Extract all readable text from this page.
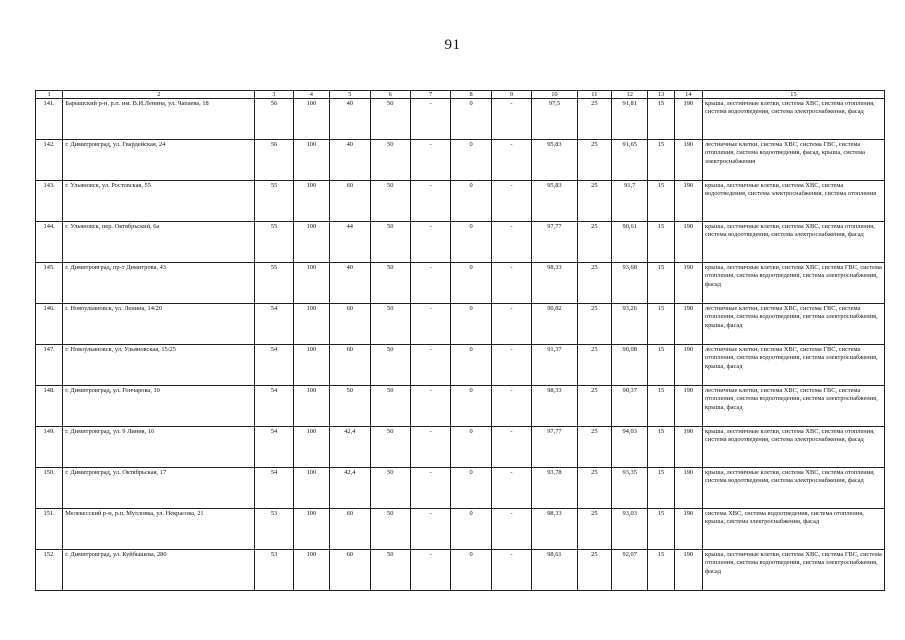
91
1	2	3	4	5	6	7	8	9	10	11	12	13	14	15
141.	Барышский р-н, р.п. им. В.И.Ленина, ул. Чапаева, 18	56	100	40	50	-	0	-	97,5	25	91,81	15	190	крыша, лестничные клетки, система ХВС, система отопления, система водоотведения, система электроснабжения, фасад
142.	г. Димитровград, ул. Гвардейская, 24	56	100	40	50	-	0	-	95,83	25	91,65	15	190	лестничные клетки, система ХВС, система ГВС, система отопления, система водоотведения, фасад, крыша, система электроснабжения
143.	г. Ульяновск, ул. Ростовская, 55	55	100	60	50	-	0	-	95,83	25	91,7	15	190	крыша, лестничные клетки, система ХВС, система водоотведения, система электроснабжения, система отопления
144.	г. Ульяновск, пер. Октябрьский, 6а	55	100	44	50	-	0	-	97,77	25	90,61	15	190	крыша, лестничные клетки, система ХВС, система отопления, система водоотведения, система электроснабжения, фасад
145.	г. Димитровград, пр-т Димитрова, 43	55	100	40	50	-	0	-	98,33	25	93,68	15	190	крыша, лестничные клетки, система ХВС, система ГВС, система отопления, система водоотведения, система электроснабжения, фасад
146.	г. Новоульяновск, ул. Ленина, 14/20	54	100	60	50	-	0	-	90,82	25	93,26	15	190	лестничные клетки, система ХВС, система ГВС, система отопления, система водоотведения, система электроснабжения, крыша, фасад
147.	г. Новоульяновск, ул. Ульяновская, 15/25	54	100	60	50	-	0	-	91,37	25	90,08	15	190	лестничные клетки, система ХВС, система ГВС, система отопления, система водоотведения, система электроснабжения, крыша, фасад
148.	г. Димитровград, ул. Гончарова, 10	54	100	50	50	-	0	-	98,33	25	90,37	15	190	лестничные клетки, система ХВС, система ГВС, система отопления, система водоотведения, система электроснабжения, крыша, фасад
149.	г. Димитровград, ул. 9 Линия, 16	54	100	42,4	50	-	0	-	97,77	25	94,03	15	190	крыша, лестничные клетки, система ХВС, система отопления, система водоотведения, система электроснабжения, фасад
150.	г. Димитровград, ул. Октябрьская, 17	54	100	42,4	50	-	0	-	93,78	25	93,35	15	190	крыша, лестничные клетки, система ХВС, система отопления, система водоотведения, система электроснабжения, фасад
151.	Мелекесский р-н, р.п. Мулловка, ул. Некрасова, 21	53	100	60	50	-	0	-	98,33	25	93,03	15	190	система ХВС, система водоотведения, система отопления, крыша, система электроснабжения, фасад
152.	г. Димитровград, ул. Куйбышева, 280	53	100	60	50	-	0	-	98,61	25	92,07	15	190	крыша, лестничные клетки, система ХВС, система ГВС, система отопления, система водоотведения, система электроснабжения, фасад
